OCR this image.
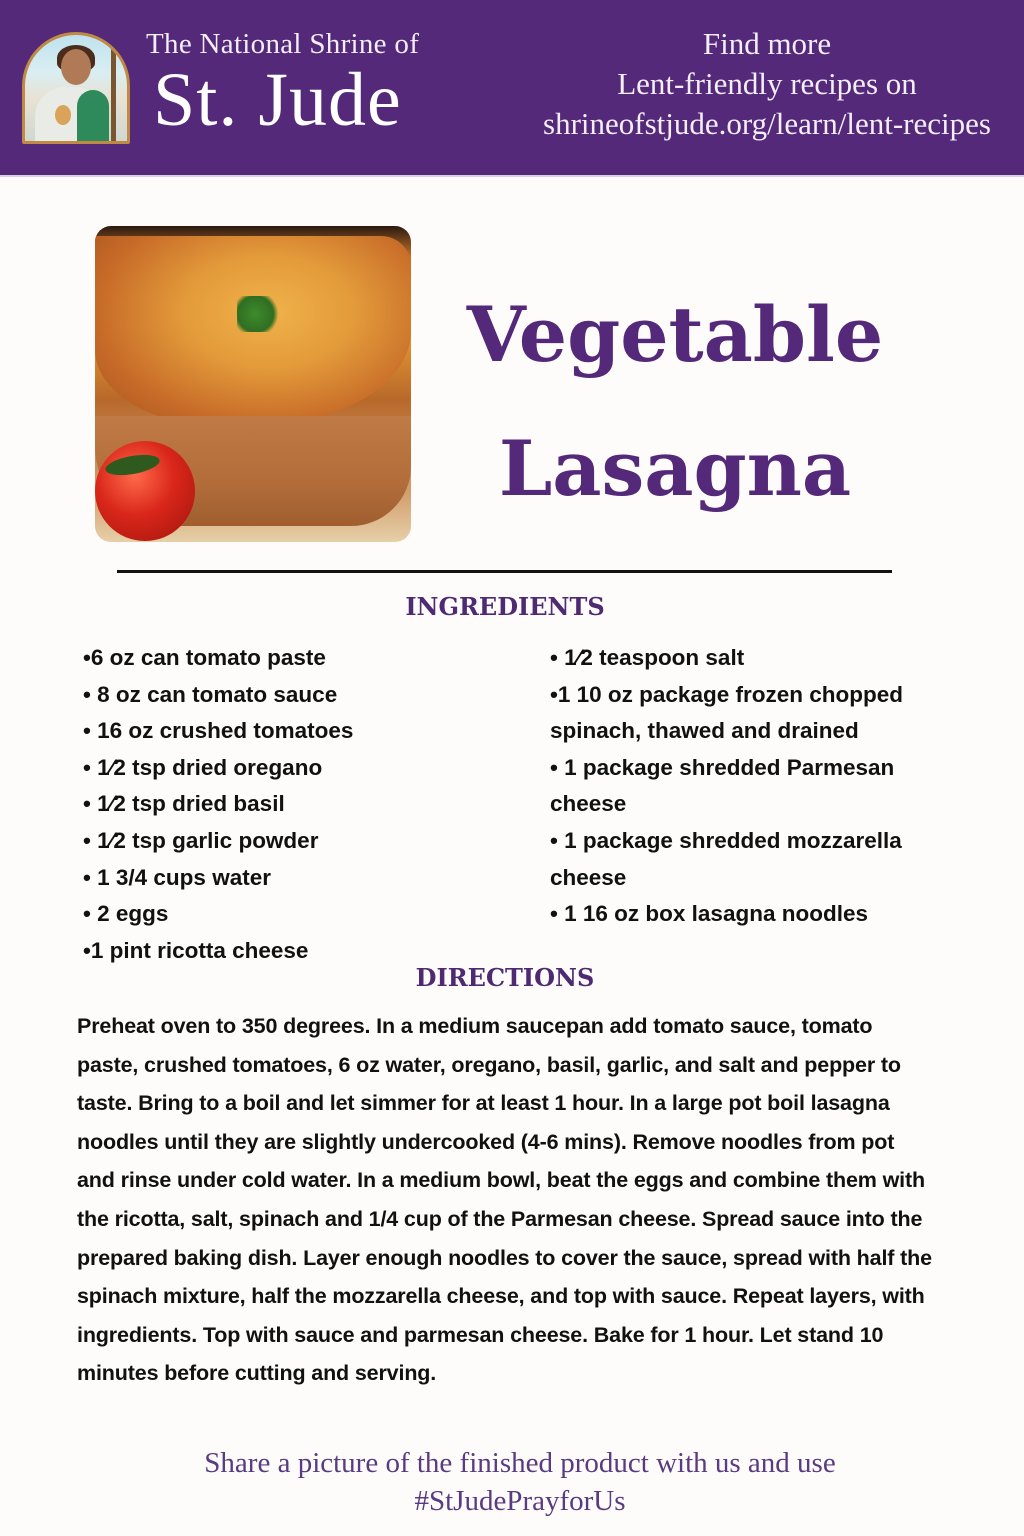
The National Shrine of
St. Jude
Find more
Lent-friendly recipes on
shrineofstjude.org/learn/lent-recipes
Vegetable
Lasagna
INGREDIENTS
•6 oz can tomato paste
• 8 oz can tomato sauce
• 16 oz crushed tomatoes
• 1⁄2 tsp dried oregano
• 1⁄2 tsp dried basil
• 1⁄2 tsp garlic powder
• 1 3/4 cups water
• 2 eggs
•1 pint ricotta cheese
• 1⁄2 teaspoon salt
•1 10 oz package frozen chopped spinach, thawed and drained
• 1 package shredded Parmesan cheese
• 1 package shredded mozzarella cheese
• 1 16 oz box lasagna noodles
DIRECTIONS
Preheat oven to 350 degrees. In a medium saucepan add tomato sauce, tomato paste, crushed tomatoes, 6 oz water, oregano, basil, garlic, and salt and pepper to taste. Bring to a boil and let simmer for at least 1 hour. In a large pot boil lasagna noodles until they are slightly undercooked (4-6 mins). Remove noodles from pot and rinse under cold water. In a medium bowl, beat the eggs and combine them with the ricotta, salt, spinach and 1/4 cup of the Parmesan cheese. Spread sauce into the prepared baking dish. Layer enough noodles to cover the sauce, spread with half the spinach mixture, half the mozzarella cheese, and top with sauce. Repeat layers, with ingredients. Top with sauce and parmesan cheese. Bake for 1 hour. Let stand 10 minutes before cutting and serving.
Share a picture of the finished product with us and use
#StJudePrayforUs
